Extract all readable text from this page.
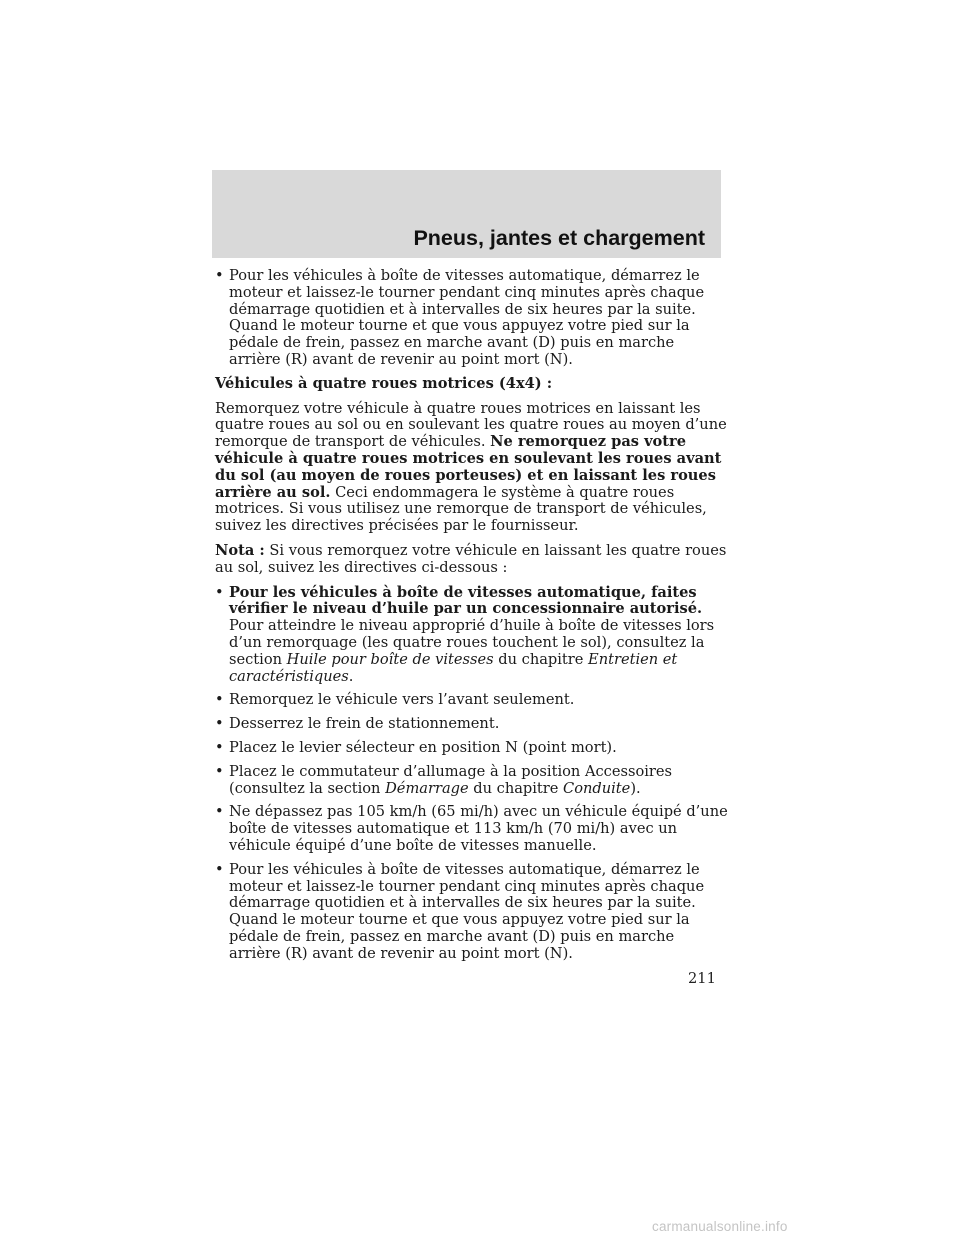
Pneus, jantes et chargement
• Pour les véhicules à boîte de vitesses automatique, démarrez le moteur et laissez-le tourner pendant cinq minutes après chaque démarrage quotidien et à intervalles de six heures par la suite. Quand le moteur tourne et que vous appuyez votre pied sur la pédale de frein, passez en marche avant (D) puis en marche arrière (R) avant de revenir au point mort (N).

Véhicules à quatre roues motrices (4x4) :

Remorquez votre véhicule à quatre roues motrices en laissant les quatre roues au sol ou en soulevant les quatre roues au moyen d’une remorque de transport de véhicules. Ne remorquez pas votre véhicule à quatre roues motrices en soulevant les roues avant du sol (au moyen de roues porteuses) et en laissant les roues arrière au sol. Ceci endommagera le système à quatre roues motrices. Si vous utilisez une remorque de transport de véhicules, suivez les directives précisées par le fournisseur.

Nota : Si vous remorquez votre véhicule en laissant les quatre roues au sol, suivez les directives ci-dessous :

• Pour les véhicules à boîte de vitesses automatique, faites vérifier le niveau d’huile par un concessionnaire autorisé. Pour atteindre le niveau approprié d’huile à boîte de vitesses lors d’un remorquage (les quatre roues touchent le sol), consultez la section Huile pour boîte de vitesses du chapitre Entretien et caractéristiques.
• Remorquez le véhicule vers l’avant seulement.
• Desserrez le frein de stationnement.
• Placez le levier sélecteur en position N (point mort).
• Placez le commutateur d’allumage à la position Accessoires (consultez la section Démarrage du chapitre Conduite).
• Ne dépassez pas 105 km/h (65 mi/h) avec un véhicule équipé d’une boîte de vitesses automatique et 113 km/h (70 mi/h) avec un véhicule équipé d’une boîte de vitesses manuelle.
• Pour les véhicules à boîte de vitesses automatique, démarrez le moteur et laissez-le tourner pendant cinq minutes après chaque démarrage quotidien et à intervalles de six heures par la suite. Quand le moteur tourne et que vous appuyez votre pied sur la pédale de frein, passez en marche avant (D) puis en marche arrière (R) avant de revenir au point mort (N).
211
carmanualsonline.info
